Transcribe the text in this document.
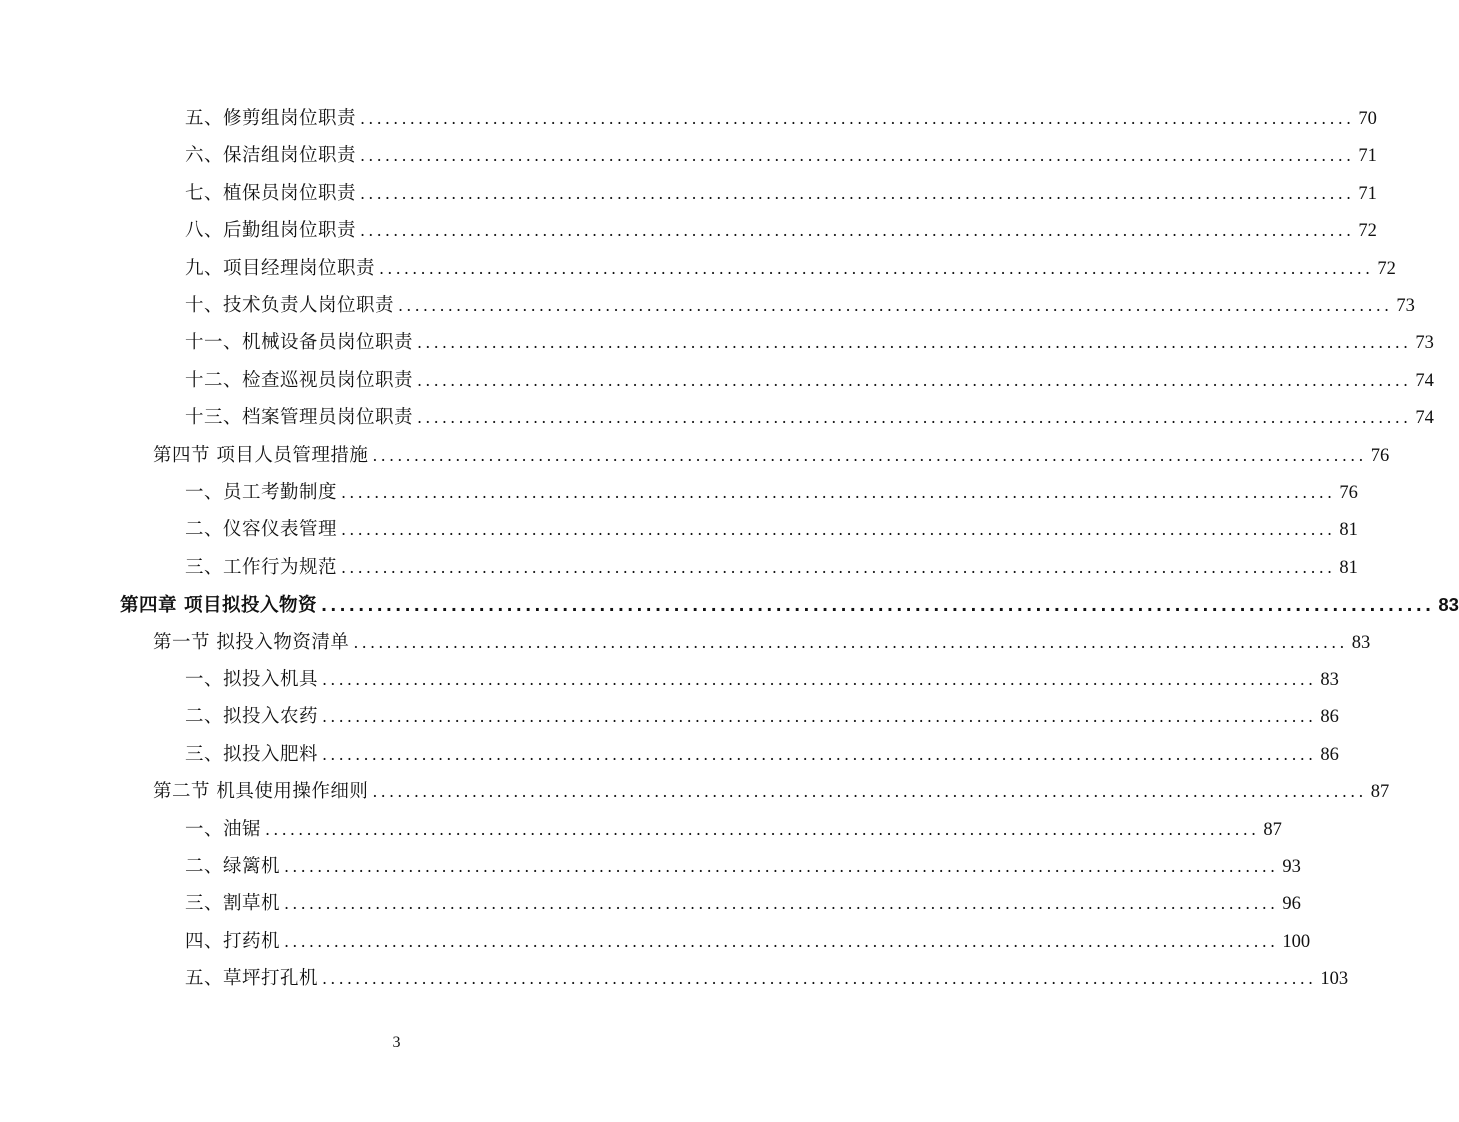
五、修剪组岗位职责 ........................................................................................................................ 70
六、保洁组岗位职责 ........................................................................................................................ 71
七、植保员岗位职责 ........................................................................................................................ 71
八、后勤组岗位职责 ........................................................................................................................ 72
九、项目经理岗位职责 ........................................................................................................................ 72
十、技术负责人岗位职责 ........................................................................................................................ 73
十一、机械设备员岗位职责 ........................................................................................................................ 73
十二、检查巡视员岗位职责 ........................................................................................................................ 74
十三、档案管理员岗位职责 ........................................................................................................................ 74
第四节 项目人员管理措施 ........................................................................................................................ 76
一、员工考勤制度 ........................................................................................................................ 76
二、仪容仪表管理 ........................................................................................................................ 81
三、工作行为规范 ........................................................................................................................ 81
第四章 项目拟投入物资 ........................................................................................................................ 83
第一节 拟投入物资清单 ........................................................................................................................ 83
一、拟投入机具 ........................................................................................................................ 83
二、拟投入农药 ........................................................................................................................ 86
三、拟投入肥料 ........................................................................................................................ 86
第二节 机具使用操作细则 ........................................................................................................................ 87
一、油锯 ........................................................................................................................ 87
二、绿篱机 ........................................................................................................................ 93
三、割草机 ........................................................................................................................ 96
四、打药机 ........................................................................................................................ 100
五、草坪打孔机 ........................................................................................................................ 103
3
